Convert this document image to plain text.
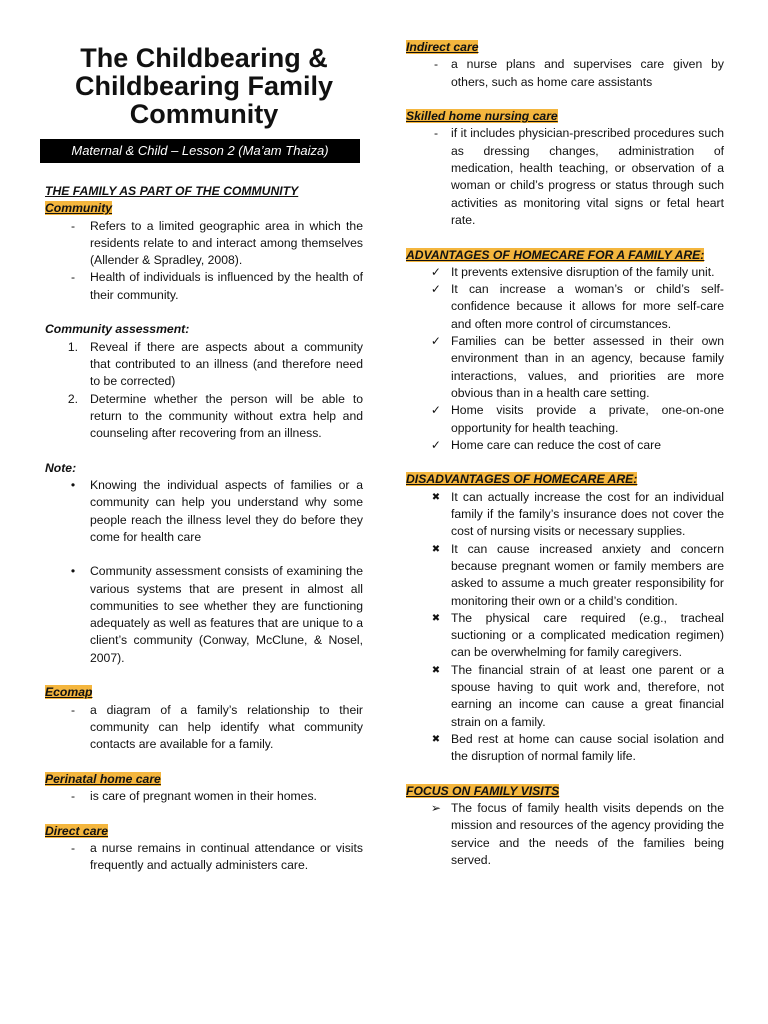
The Childbearing &
Childbearing Family
Community
Maternal & Child – Lesson 2 (Ma’am Thaiza)
THE FAMILY AS PART OF THE COMMUNITY
Community
-	Refers to a limited geographic area in which the residents relate to and interact among themselves (Allender & Spradley, 2008).
-	Health of individuals is influenced by the health of their community.
Community assessment:
1. Reveal if there are aspects about a community that contributed to an illness (and therefore need to be corrected)
2. Determine whether the person will be able to return to the community without extra help and counseling after recovering from an illness.
Note:
•	Knowing the individual aspects of families or a community can help you understand why some people reach the illness level they do before they come for health care
•	Community assessment consists of examining the various systems that are present in almost all communities to see whether they are functioning adequately as well as features that are unique to a client’s community (Conway, McClune, & Nosel, 2007).
Ecomap
-	a diagram of a family’s relationship to their community can help identify what community contacts are available for a family.
Perinatal home care
-	is care of pregnant women in their homes.
Direct care
-	a nurse remains in continual attendance or visits frequently and actually administers care.
Indirect care
-	a nurse plans and supervises care given by others, such as home care assistants
Skilled home nursing care
-	if it includes physician-prescribed procedures such as dressing changes, administration of medication, health teaching, or observation of a woman or child’s progress or status through such activities as monitoring vital signs or fetal heart rate.
ADVANTAGES OF HOMECARE FOR A FAMILY ARE:
✓ It prevents extensive disruption of the family unit.
✓ It can increase a woman’s or child’s self-confidence because it allows for more self-care and often more control of circumstances.
✓ Families can be better assessed in their own environment than in an agency, because family interactions, values, and priorities are more obvious than in a health care setting.
✓ Home visits provide a private, one-on-one opportunity for health teaching.
✓ Home care can reduce the cost of care
DISADVANTAGES OF HOMECARE ARE:
✖ It can actually increase the cost for an individual family if the family’s insurance does not cover the cost of nursing visits or necessary supplies.
✖ It can cause increased anxiety and concern because pregnant women or family members are asked to assume a much greater responsibility for monitoring their own or a child’s condition.
✖ The physical care required (e.g., tracheal suctioning or a complicated medication regimen) can be overwhelming for family caregivers.
✖ The financial strain of at least one parent or a spouse having to quit work and, therefore, not earning an income can cause a great financial strain on a family.
✖ Bed rest at home can cause social isolation and the disruption of normal family life.
FOCUS ON FAMILY VISITS
➢ The focus of family health visits depends on the mission and resources of the agency providing the service and the needs of the families being served.
